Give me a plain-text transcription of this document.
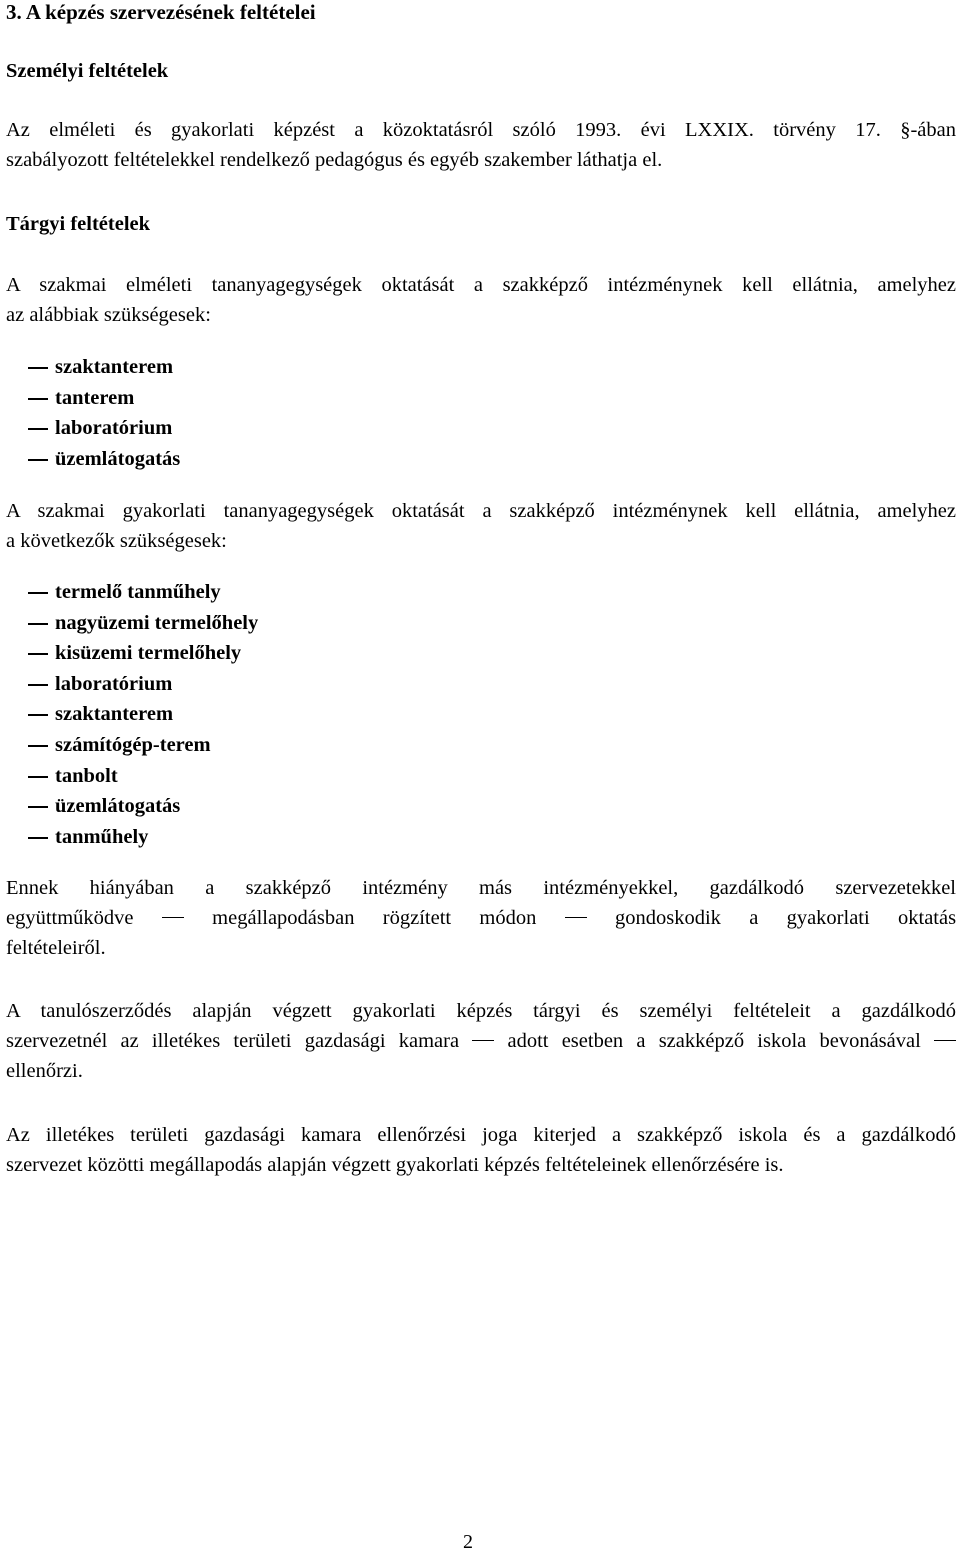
3. A képzés szervezésének feltételei
Személyi feltételek

Az elméleti és gyakorlati képzést a közoktatásról szóló 1993. évi LXXIX. törvény 17. §-ában
szabályozott feltételekkel rendelkező pedagógus és egyéb szakember láthatja el.

Tárgyi feltételek

A szakmai elméleti tananyagegységek oktatását a szakképző intézménynek kell ellátnia, amelyhez
az alábbiak szükségesek:

szaktanterem
tanterem
laboratórium
üzemlátogatás

A szakmai gyakorlati tananyagegységek oktatását a szakképző intézménynek kell ellátnia, amelyhez
a következők szükségesek:

termelő tanműhely
nagyüzemi termelőhely
kisüzemi termelőhely
laboratórium
szaktanterem
számítógép-terem
tanbolt
üzemlátogatás
tanműhely

Ennek hiányában a szakképző intézmény más intézményekkel, gazdálkodó szervezetekkel
együttműködve	megállapodásban rögzített módon	gondoskodik a gyakorlati oktatás
feltételeiről.

A tanulószerződés alapján végzett gyakorlati képzés tárgyi és személyi feltételeit a gazdálkodó
szervezetnél az illetékes területi gazdasági kamara adott esetben a szakképző iskola bevonásával
ellenőrzi.

Az illetékes területi gazdasági kamara ellenőrzési joga kiterjed a szakképző iskola és a gazdálkodó
szervezet közötti megállapodás alapján végzett gyakorlati képzés feltételeinek ellenőrzésére is.

2
